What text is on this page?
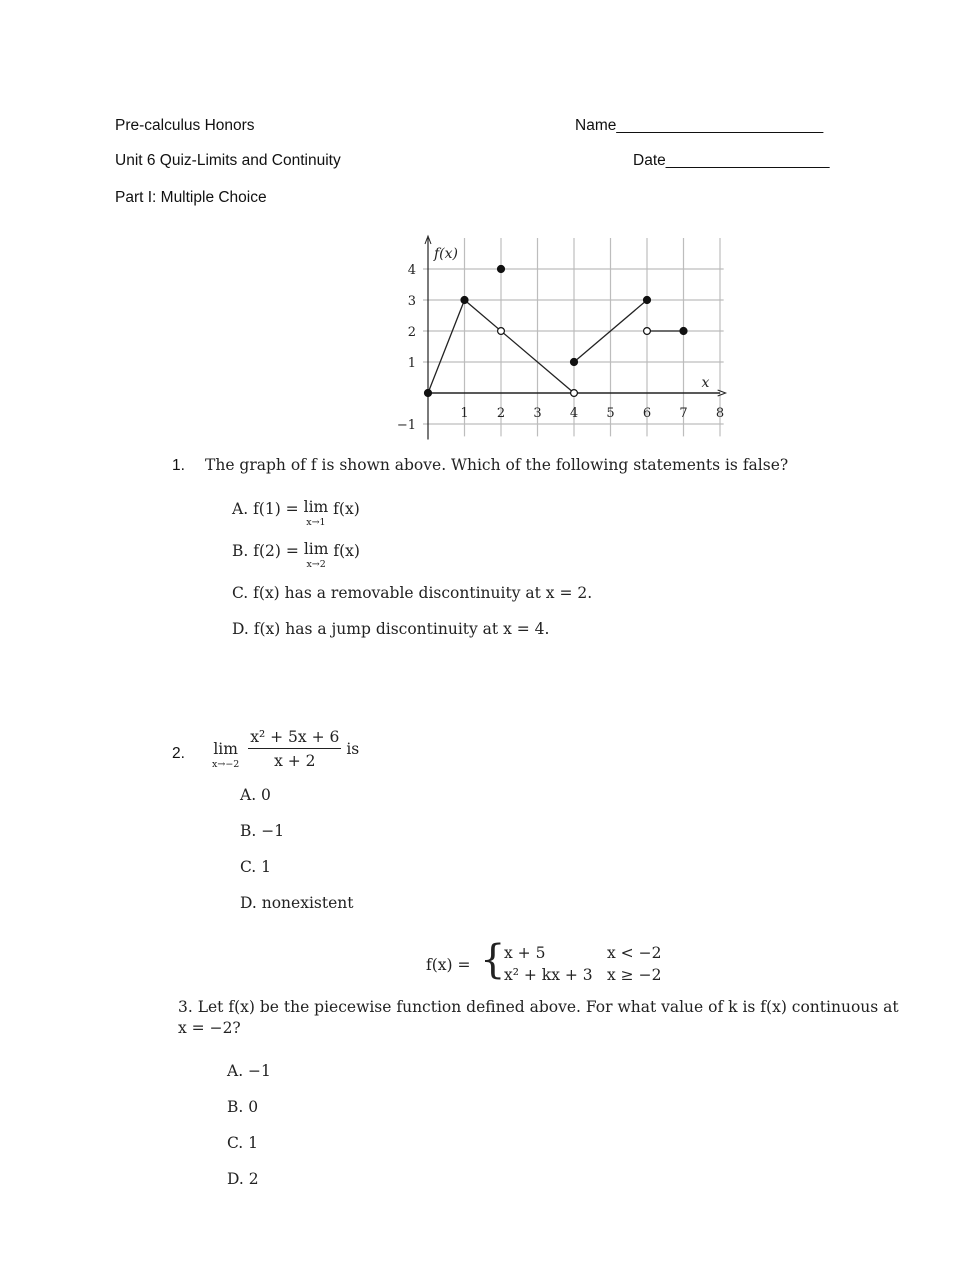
Pre-calculus Honors	Name________________________
Unit 6 Quiz-Limits and Continuity	Date___________________
Part I: Multiple Choice
1 2 3 4 5 6 7 8
4
3
2
1
−1
f(x)
x
1. The graph of f is shown above. Which of the following statements is false?
A. f(1) = lim
x→1
f(x)
B. f(2) = lim
x→2
f(x)
C. f(x) has a removable discontinuity at x = 2.
D. f(x) has a jump discontinuity at x = 4.
2. lim
x→−2
$\frac{\text{x² + 5x + 6}}{x + 2}$ is
A. 0
B. −1
C. 1
D. nonexistent
f(x) = {
x + 5	x < −2
x² + kx + 3 x ≥ −2
3. Let f(x) be the piecewise function defined above. For what value of k is f(x) continuous at
x = −2?
A. −1
B. 0
C. 1
D. 2
